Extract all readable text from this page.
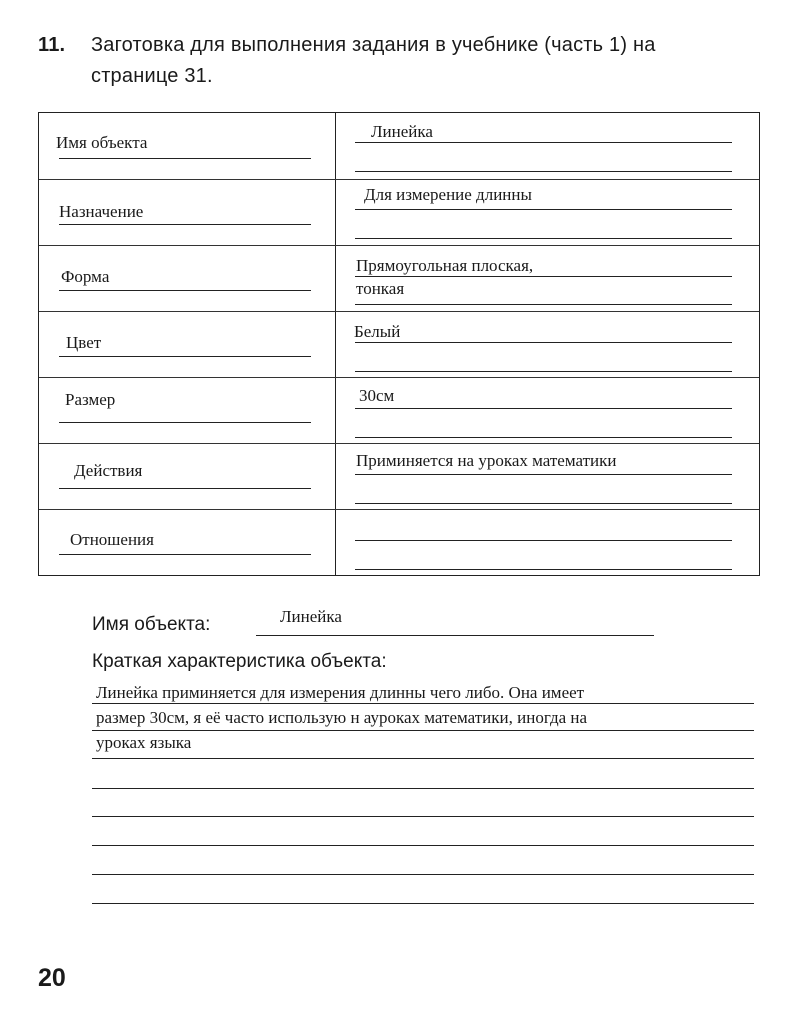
11. Заготовка для выполнения задания в учебнике (часть 1) на
странице 31.
Имя объекта
Линейка
Назначение
Для измерение длинны
Форма
Прямоугольная плоская,
тонкая
Цвет
Белый
Размер	30см
Действия
Приминяется на уроках математики
Отношения
Имя объекта:	Линейка
Краткая характеристика объекта:
Линейка приминяется для измерения длинны чего либо. Она имеет
размер 30см, я её часто иcпользую н ауроках математики, иногда на
уроках языка
20
